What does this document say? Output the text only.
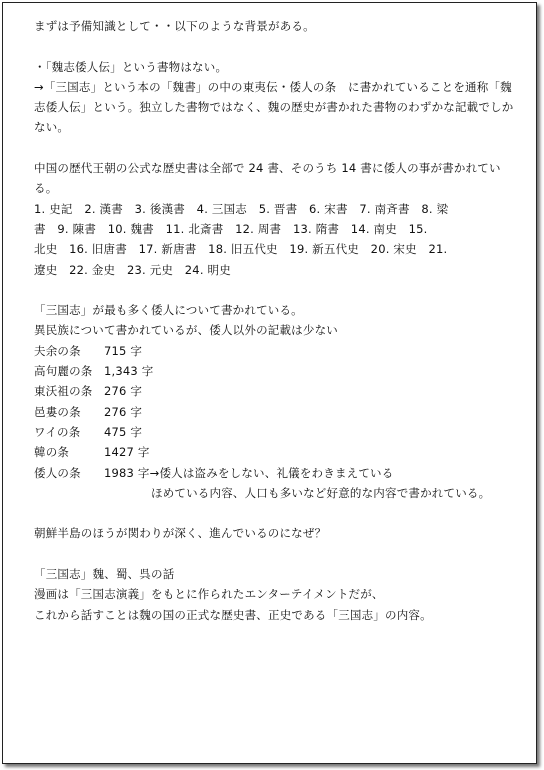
まずは予備知識として・・以下のような背景がある。
・「魏志倭人伝」という書物はない。
→「三国志」という本の「魏書」の中の東夷伝・倭人の条　に書かれていることを通称「魏
志倭人伝」という。独立した書物ではなく、魏の歴史が書かれた書物のわずかな記載でしか
ない。
中国の歴代王朝の公式な歴史書は全部で 24 書、そのうち 14 書に倭人の事が書かれてい
る。
1. 史記　2. 漢書　3. 後漢書　4. 三国志　5. 晋書　6. 宋書　7. 南斉書　8. 梁
書　9. 陳書　10. 魏書　11. 北斎書　12. 周書　13. 隋書　14. 南史　15.
北史　16. 旧唐書　17. 新唐書　18. 旧五代史　19. 新五代史　20. 宋史　21.
遼史　22. 金史　23. 元史　24. 明史
「三国志」が最も多く倭人について書かれている。
異民族について書かれているが、倭人以外の記載は少ない
夫余の条	715 字
高句麗の条	1,343 字
東沃祖の条	276 字
邑婁の条	276 字
ワイの条	475 字
韓の条	1427 字
倭人の条	1983 字→倭人は盗みをしない、礼儀をわきまえている
ほめている内容、人口も多いなど好意的な内容で書かれている。
朝鮮半島のほうが関わりが深く、進んでいるのになぜ？
「三国志」魏、蜀、呉の話
漫画は「三国志演義」をもとに作られたエンターテイメントだが、
これから話すことは魏の国の正式な歴史書、正史である「三国志」の内容。
